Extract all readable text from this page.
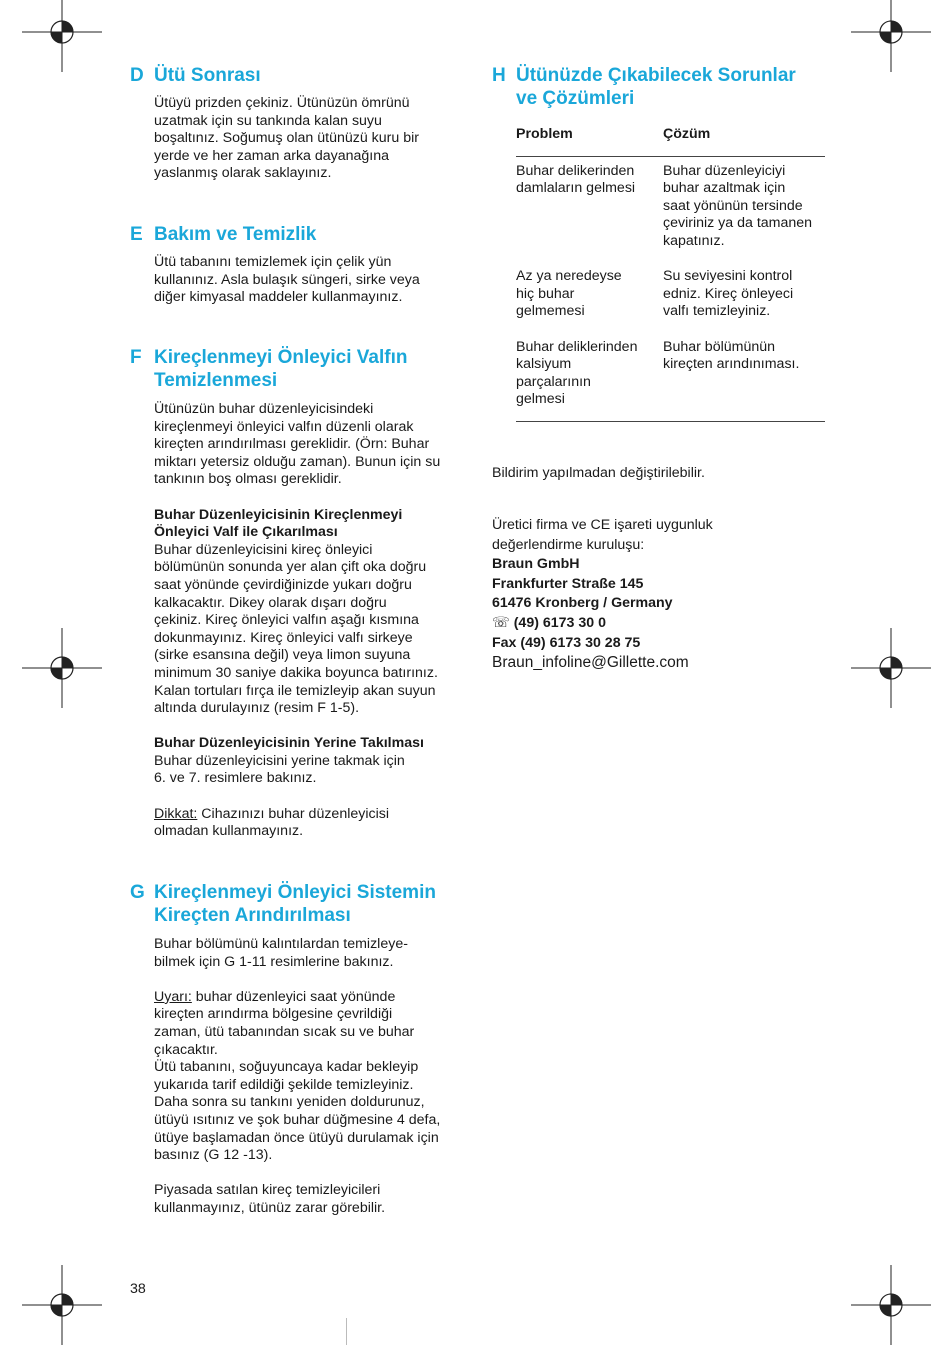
D Ütü Sonrası

Ütüyü prizden çekiniz. Ütünüzün ömrünü

uzatmak için su tankında kalan suyu

boşaltınız. Soğumuş olan ütünüzü kuru bir

yerde ve her zaman arka dayanağına

yaslanmış olarak saklayınız.

E Bakım ve Temizlik

Ütü tabanını temizlemek için çelik yün

kullanınız. Asla bulaşık süngeri, sirke veya

diğer kimyasal maddeler kullanmayınız.

F Kireçlenmeyi Önleyici Valfın
Temizlenmesi

Ütünüzün buhar düzenleyicisindeki

kireçlenmeyi önleyici valfın düzenli olarak

kireçten arındırılması gereklidir. (Örn: Buhar

miktarı yetersiz olduğu zaman). Bunun için su

tankının boş olması gereklidir.

Buhar Düzenleyicisinin Kireçlenmeyi

Önleyici Valf ile Çıkarılması

Buhar düzenleyicisini kireç önleyici

bölümünün sonunda yer alan çift oka doğru

saat yönünde çevirdiğinizde yukarı doğru

kalkacaktır. Dikey olarak dışarı doğru

çekiniz. Kireç önleyici valfın aşağı kısmına

dokunmayınız. Kireç önleyici valfı sirkeye

(sirke esansına değil) veya limon suyuna

minimum 30 saniye dakika boyunca batırınız.

Kalan tortuları fırça ile temizleyip akan suyun

altında durulayınız (resim F 1-5).

Buhar Düzenleyicisinin Yerine Takılması

Buhar düzenleyicisini yerine takmak için

6. ve 7. resimlere bakınız.

Dikkat: Cihazınızı buhar düzenleyicisi

olmadan kullanmayınız.

G Kireçlenmeyi Önleyici Sistemin
Kireçten Arındırılması

Buhar bölümünü kalıntılardan temizleye-

bilmek için G 1-11 resimlerine bakınız.

Uyarı: buhar düzenleyici saat yönünde

kireçten arındırma bölgesine çevrildiği

zaman, ütü tabanından sıcak su ve buhar

çıkacaktır.

Ütü tabanını, soğuyuncaya kadar bekleyip

yukarıda tarif edildiği şekilde temizleyiniz.

Daha sonra su tankını yeniden doldurunuz,

ütüyü ısıtınız ve şok buhar düğmesine 4 defa,

ütüye başlamadan önce ütüyü durulamak için

basınız (G 12 -13).

Piyasada satılan kireç temizleyicileri

kullanmayınız, ütünüz zarar görebilir.

H Ütünüzde Çıkabilecek Sorunlar
ve Çözümleri
Problem	Çözüm
Buhar delikerinden
damlaların gelmesi
Buhar düzenleyiciyi
buhar azaltmak için
saat yönünün tersinde
çeviriniz ya da tamanen
kapatınız.
Az ya neredeyse
hiç buhar
gelmemesi
Su seviyesini kontrol
edniz. Kireç önleyeci
valfı temizleyiniz.
Buhar deliklerinden
kalsiyum
parçalarının
gelmesi
Buhar bölümünün
kireçten arındınıması.
Bildirim yapılmadan değiştirilebilir.
Üretici firma ve CE işareti uygunluk
değerlendirme kuruluşu:
Braun GmbH
Frankfurter Straße 145
61476 Kronberg / Germany
☏ (49) 6173 30 0
Fax (49) 6173 30 28 75
Braun_infoline@Gillette.com
38
